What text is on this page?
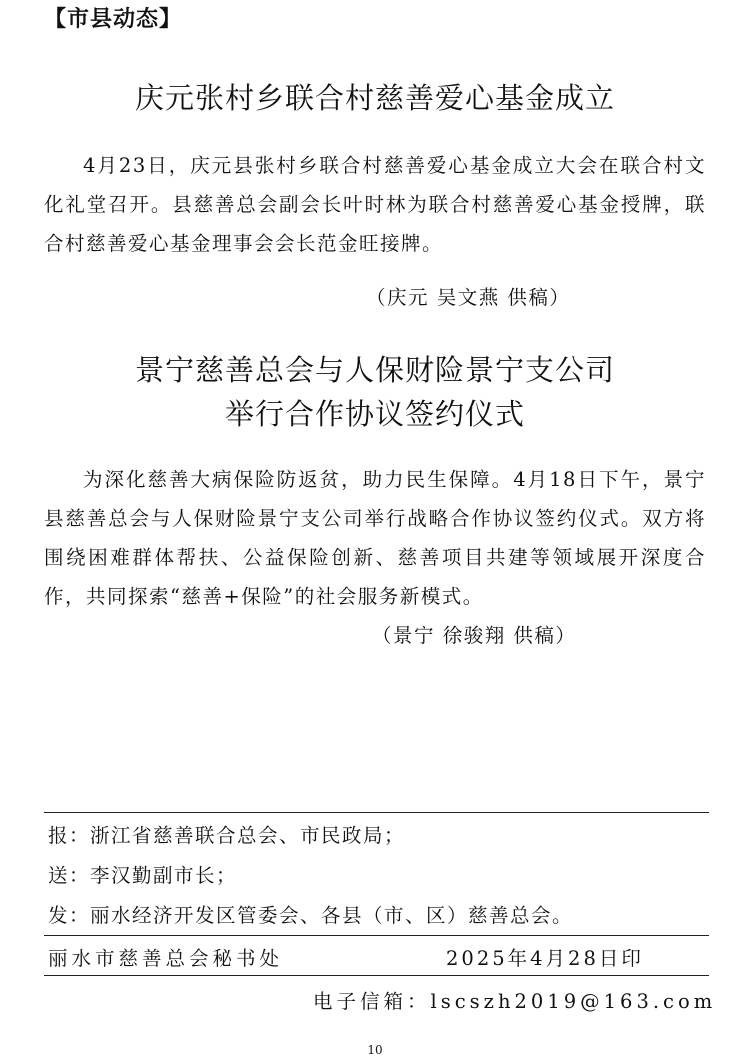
【市县动态】
庆元张村乡联合村慈善爱心基金成立
4月23日，庆元县张村乡联合村慈善爱心基金成立大会在联合村文化礼堂召开。县慈善总会副会长叶时林为联合村慈善爱心基金授牌，联合村慈善爱心基金理事会会长范金旺接牌。
（庆元 吴文燕 供稿）
景宁慈善总会与人保财险景宁支公司
举行合作协议签约仪式
为深化慈善大病保险防返贫，助力民生保障。4月18日下午，景宁县慈善总会与人保财险景宁支公司举行战略合作协议签约仪式。双方将围绕困难群体帮扶、公益保险创新、慈善项目共建等领域展开深度合作，共同探索“慈善+保险”的社会服务新模式。
（景宁 徐骏翔 供稿）
报：浙江省慈善联合总会、市民政局；
送：李汉勤副市长；
发：丽水经济开发区管委会、各县（市、区）慈善总会。
丽水市慈善总会秘书处	2025年4月28日印
电子信箱：lscszh2019@163.com
10
